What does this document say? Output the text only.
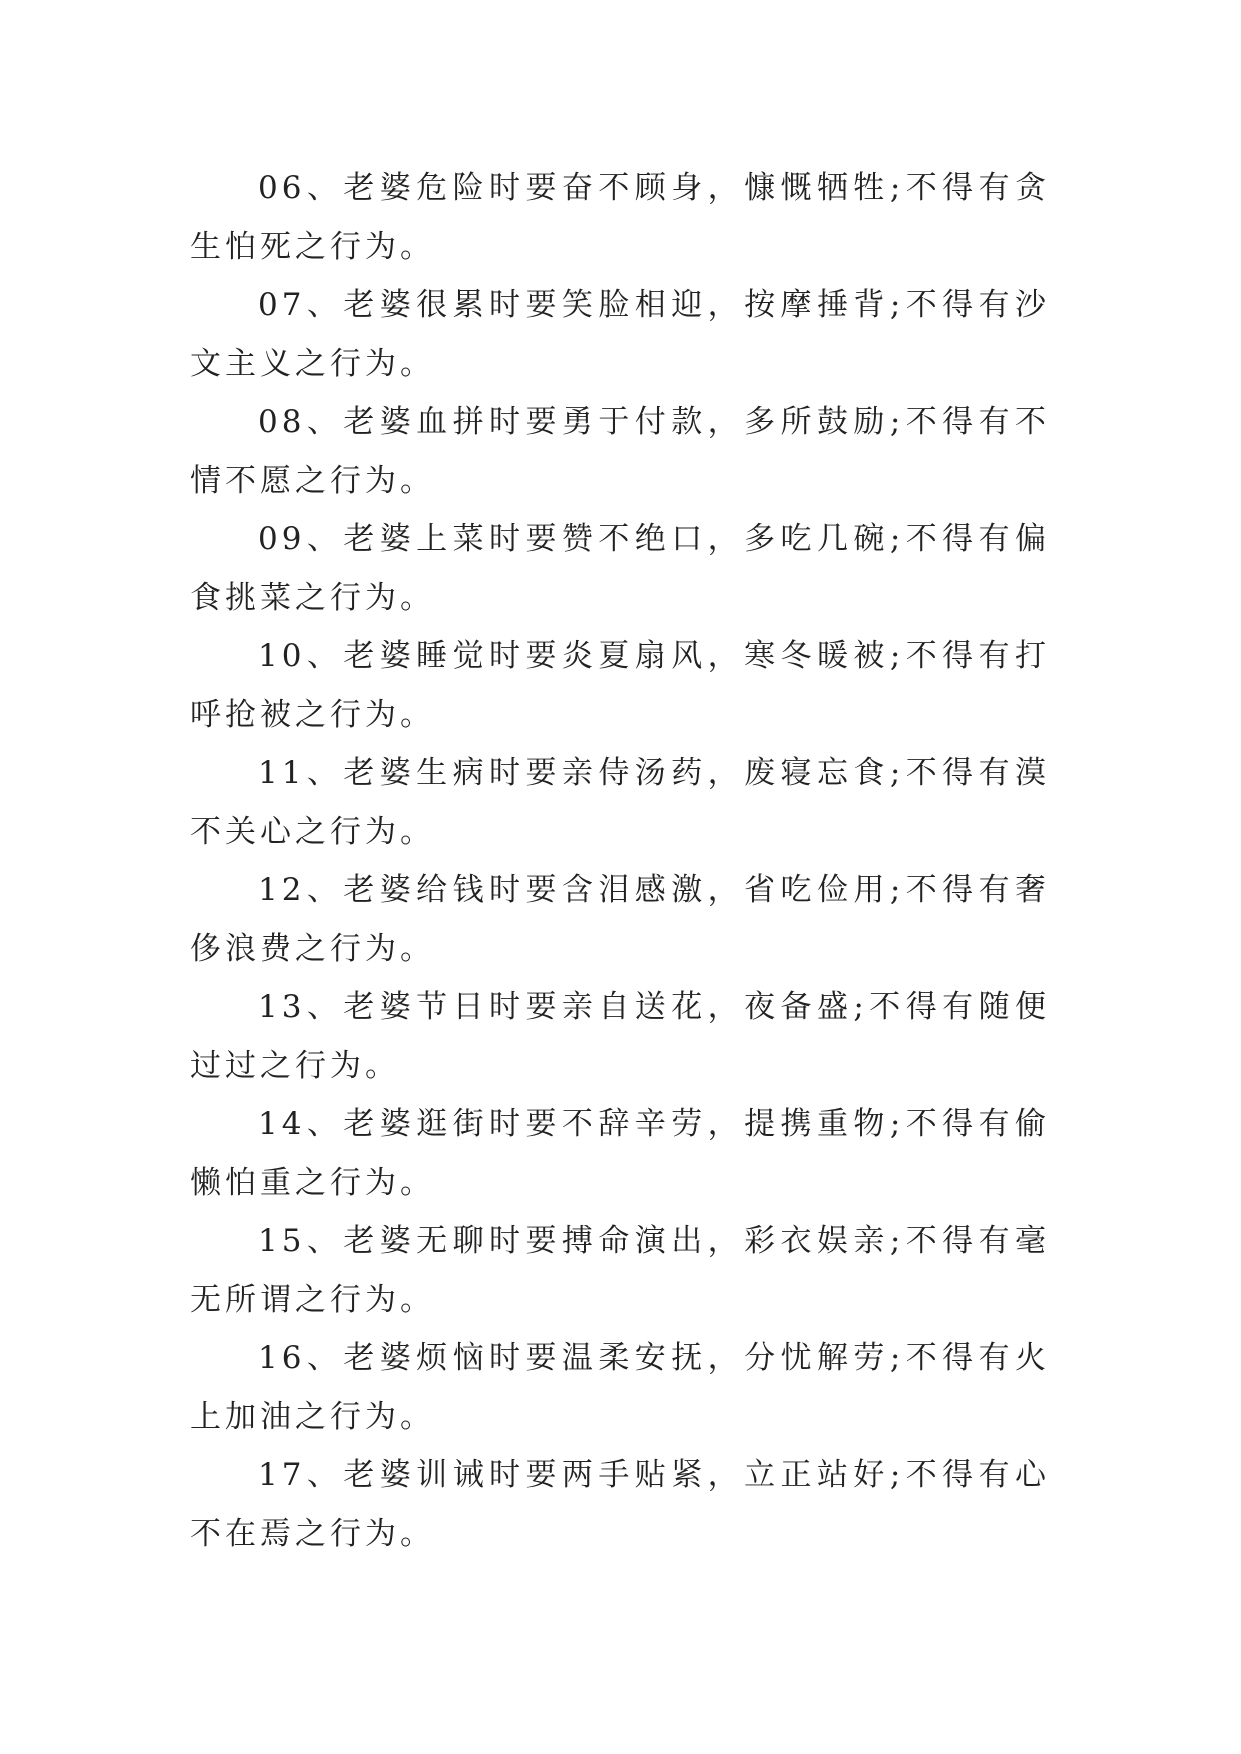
06、老婆危险时要奋不顾身，慷慨牺牲;不得有贪生怕死之行为。

07、老婆很累时要笑脸相迎，按摩捶背;不得有沙文主义之行为。

08、老婆血拼时要勇于付款，多所鼓励;不得有不情不愿之行为。

09、老婆上菜时要赞不绝口，多吃几碗;不得有偏食挑菜之行为。

10、老婆睡觉时要炎夏扇风，寒冬暖被;不得有打呼抢被之行为。

11、老婆生病时要亲侍汤药，废寝忘食;不得有漠不关心之行为。

12、老婆给钱时要含泪感激，省吃俭用;不得有奢侈浪费之行为。

13、老婆节日时要亲自送花，夜备盛;不得有随便过过之行为。

14、老婆逛街时要不辞辛劳，提携重物;不得有偷懒怕重之行为。

15、老婆无聊时要搏命演出，彩衣娱亲;不得有毫无所谓之行为。

16、老婆烦恼时要温柔安抚，分忧解劳;不得有火上加油之行为。

17、老婆训诫时要两手贴紧，立正站好;不得有心不在焉之行为。
